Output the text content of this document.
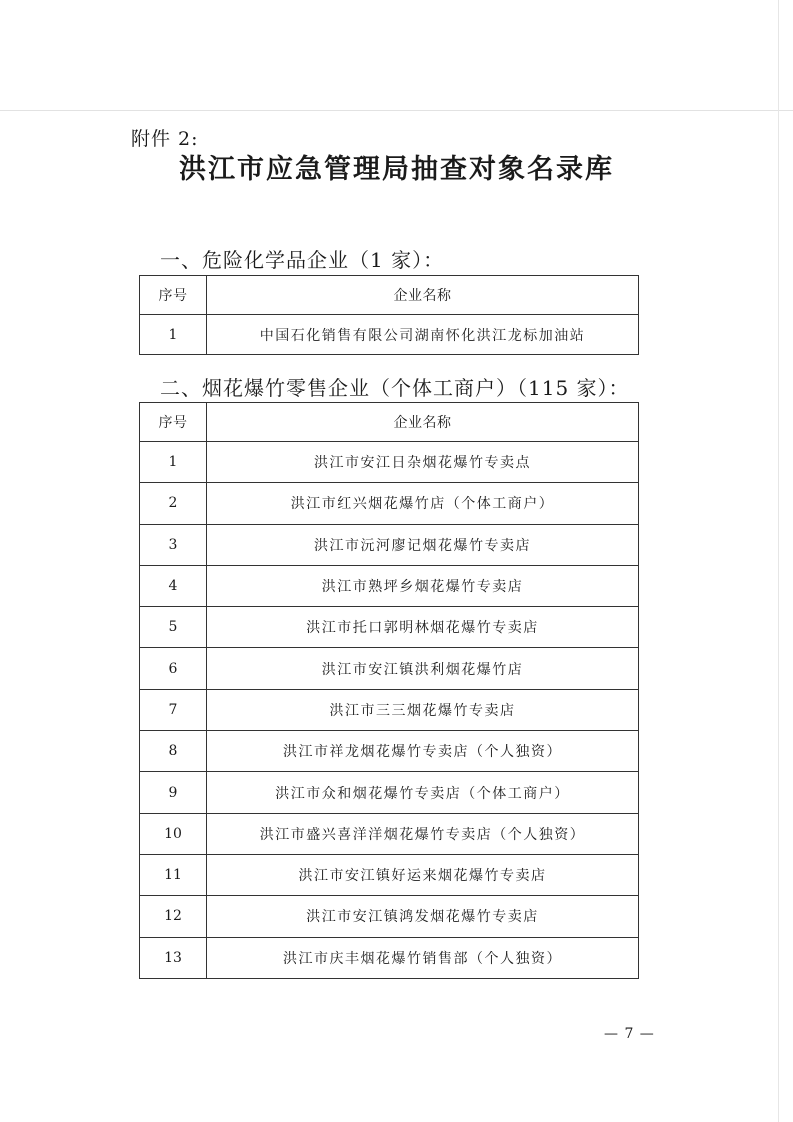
附件 2:
洪江市应急管理局抽查对象名录库
一、危险化学品企业（1 家）：
序号	企业名称
1	中国石化销售有限公司湖南怀化洪江龙标加油站
二、烟花爆竹零售企业（个体工商户）（115 家）：
序号	企业名称
1	洪江市安江日杂烟花爆竹专卖点
2	洪江市红兴烟花爆竹店（个体工商户）
3	洪江市沅河廖记烟花爆竹专卖店
4	洪江市熟坪乡烟花爆竹专卖店
5	洪江市托口郭明林烟花爆竹专卖店
6	洪江市安江镇洪利烟花爆竹店
7	洪江市三三烟花爆竹专卖店
8	洪江市祥龙烟花爆竹专卖店（个人独资）
9	洪江市众和烟花爆竹专卖店（个体工商户）
10	洪江市盛兴喜洋洋烟花爆竹专卖店（个人独资）
11	洪江市安江镇好运来烟花爆竹专卖店
12	洪江市安江镇鸿发烟花爆竹专卖店
13	洪江市庆丰烟花爆竹销售部（个人独资）
— 7 —
